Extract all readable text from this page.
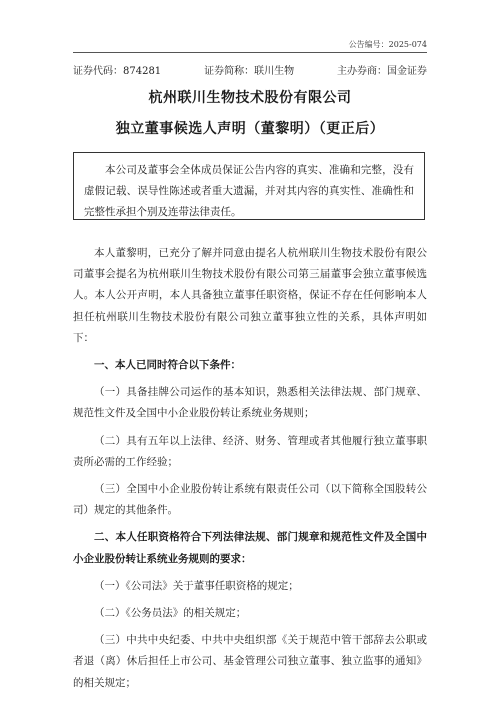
公告编号：2025-074
证券代码：874281	证券简称：联川生物	主办券商：国金证券
杭州联川生物技术股份有限公司
独立董事候选人声明（董黎明）（更正后）
本公司及董事会全体成员保证公告内容的真实、准确和完整，没有虚假记载、误导性陈述或者重大遗漏，并对其内容的真实性、准确性和完整性承担个别及连带法律责任。

本人董黎明，已充分了解并同意由提名人杭州联川生物技术股份有限公司董事会提名为杭州联川生物技术股份有限公司第三届董事会独立董事候选人。本人公开声明，本人具备独立董事任职资格，保证不存在任何影响本人担任杭州联川生物技术股份有限公司独立董事独立性的关系，具体声明如下：

一、本人已同时符合以下条件：

（一）具备挂牌公司运作的基本知识，熟悉相关法律法规、部门规章、规范性文件及全国中小企业股份转让系统业务规则；

（二）具有五年以上法律、经济、财务、管理或者其他履行独立董事职责所必需的工作经验；

（三）全国中小企业股份转让系统有限责任公司（以下简称全国股转公司）规定的其他条件。

二、本人任职资格符合下列法律法规、部门规章和规范性文件及全国中小企业股份转让系统业务规则的要求：

（一）《公司法》关于董事任职资格的规定；

（二）《公务员法》的相关规定；

（三）中共中央纪委、中共中央组织部《关于规范中管干部辞去公职或者退（离）休后担任上市公司、基金管理公司独立董事、独立监事的通知》的相关规定；
